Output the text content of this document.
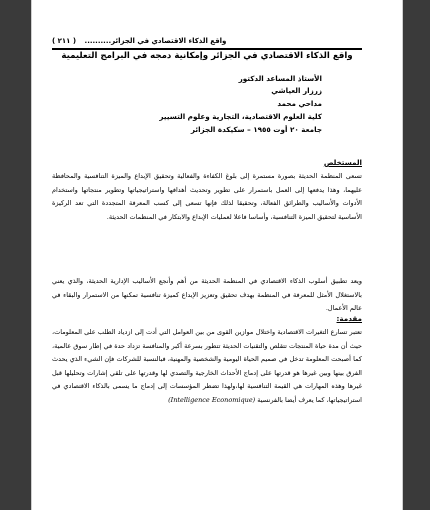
واقع الذكاء الاقتصادي في الجزائر.......... ( ٢١١ )
واقع الذكاء الاقتصادي في الجزائر وإمكانية دمجه في البرامج التعليمية
الأستاذ المساعد الدكتور
زرزار العياشي
مداحي محمد
كلية العلوم الاقتصادية، التجارية وعلوم التسيير
جامعة ٢٠ أوت ١٩٥٥ – سكيكدة الجزائر
المستخلص

تسعى المنظمة الحديثة بصورة مستمرة إلى بلوغ الكفاءة والفعالية وتحقيق الإبداع والميزة التنافسية والمحافظة عليهما، وهذا يدفعها إلى العمل باستمرار على تطوير وتحديث أهدافها واستراتيجياتها وتطوير منتجاتها واستخدام الأدوات والأساليب والطرائق الفعالة، وتحقيقا لذلك فإنها تسعى إلى كسب المعرفة المتجددة التي تعد الركيزة الأساسية لتحقيق الميزة التنافسية، وأساسا فاعلا لعمليات الإبداع والابتكار في المنظمات الحديثة.

ويعد تطبيق أسلوب الذكاء الاقتصادي في المنظمة الحديثة من أهم وأنجع الأساليب الإدارية الحديثة، والذي يعني بالاستغلال الأمثل للمعرفة في المنظمة بهدف تحقيق وتعزيز الإبداع كميزة تنافسية تمكنها من الاستمرار والبقاء في عالم الأعمال.

مقدمة:

تعتبر تسارع التغيرات الاقتصادية واختلال موازين القوى من بين العوامل التي أدت إلى ازدياد الطلب على المعلومات، حيث أن مدة حياة المنتجات تتقلص والتقنيات الحديثة تتطور بسرعة أكبر والمنافسة تزداد حدة في إطار سوق عالمية، كما أصبحت المعلومة تدخل في صميم الحياة اليومية والشخصية والمهنية، فبالنسبة للشركات فإن الشيء الذي يحدث الفرق بينها وبين غيرها هو قدرتها على إدماج الأحداث الخارجية والتصدي لها وقدرتها على تلقي إشارات وتحليلها قبل غيرها وهذه المهارات هي القيمة التنافسية لها،ولهذا تضطر المؤسسات إلى إدماج ما يسمى بالذكاء الاقتصادي في استراتيجياتها، كما يعرف أيضا بالفرنسية (Intelligence Economique)
